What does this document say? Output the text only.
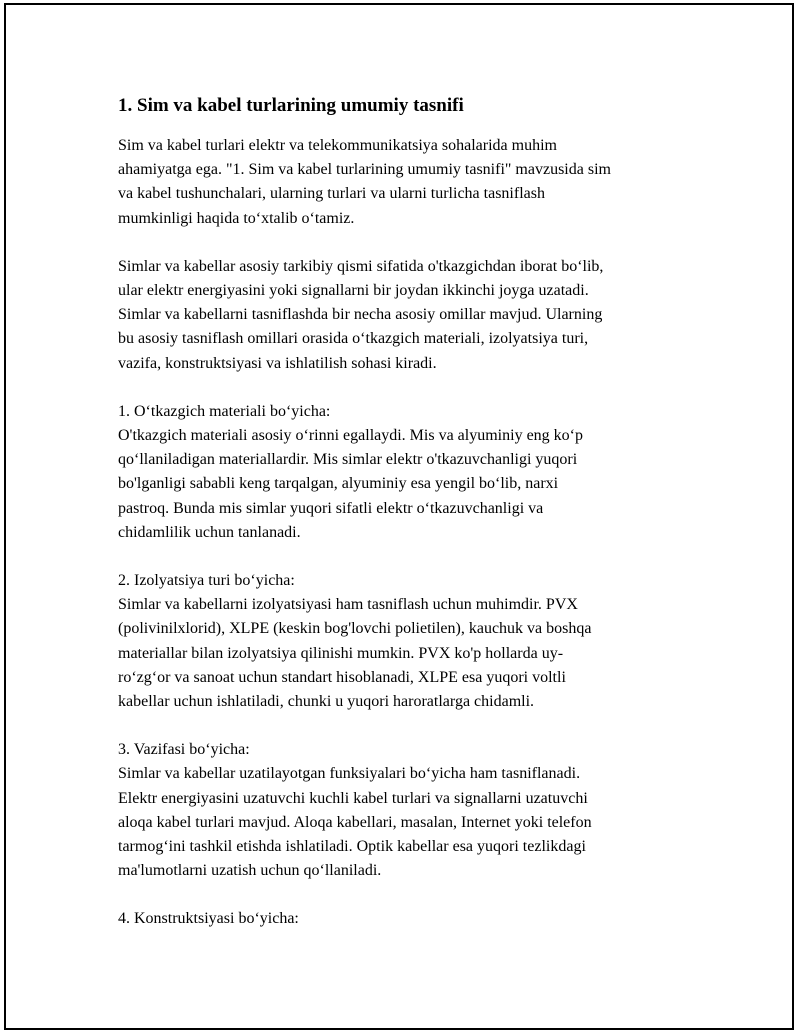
1. Sim va kabel turlarining umumiy tasnifi

Sim va kabel turlari elektr va telekommunikatsiya sohalarida muhim
ahamiyatga ega. "1. Sim va kabel turlarining umumiy tasnifi" mavzusida sim
va kabel tushunchalari, ularning turlari va ularni turlicha tasniflash
mumkinligi haqida to‘xtalib o‘tamiz.

Simlar va kabellar asosiy tarkibiy qismi sifatida o'tkazgichdan iborat bo‘lib,
ular elektr energiyasini yoki signallarni bir joydan ikkinchi joyga uzatadi.
Simlar va kabellarni tasniflashda bir necha asosiy omillar mavjud. Ularning
bu asosiy tasniflash omillari orasida o‘tkazgich materiali, izolyatsiya turi,
vazifa, konstruktsiyasi va ishlatilish sohasi kiradi.

1. O‘tkazgich materiali bo‘yicha:
O'tkazgich materiali asosiy o‘rinni egallaydi. Mis va alyuminiy eng ko‘p
qo‘llaniladigan materiallardir. Mis simlar elektr o'tkazuvchanligi yuqori
bo'lganligi sababli keng tarqalgan, alyuminiy esa yengil bo‘lib, narxi
pastroq. Bunda mis simlar yuqori sifatli elektr o‘tkazuvchanligi va
chidamlilik uchun tanlanadi.

2. Izolyatsiya turi bo‘yicha:
Simlar va kabellarni izolyatsiyasi ham tasniflash uchun muhimdir. PVX
(polivinilxlorid), XLPE (keskin bog'lovchi polietilen), kauchuk va boshqa
materiallar bilan izolyatsiya qilinishi mumkin. PVX ko'p hollarda uy-
ro‘zg‘or va sanoat uchun standart hisoblanadi, XLPE esa yuqori voltli
kabellar uchun ishlatiladi, chunki u yuqori haroratlarga chidamli.

3. Vazifasi bo‘yicha:
Simlar va kabellar uzatilayotgan funksiyalari bo‘yicha ham tasniflanadi.
Elektr energiyasini uzatuvchi kuchli kabel turlari va signallarni uzatuvchi
aloqa kabel turlari mavjud. Aloqa kabellari, masalan, Internet yoki telefon
tarmog‘ini tashkil etishda ishlatiladi. Optik kabellar esa yuqori tezlikdagi
ma'lumotlarni uzatish uchun qo‘llaniladi.

4. Konstruktsiyasi bo‘yicha:
